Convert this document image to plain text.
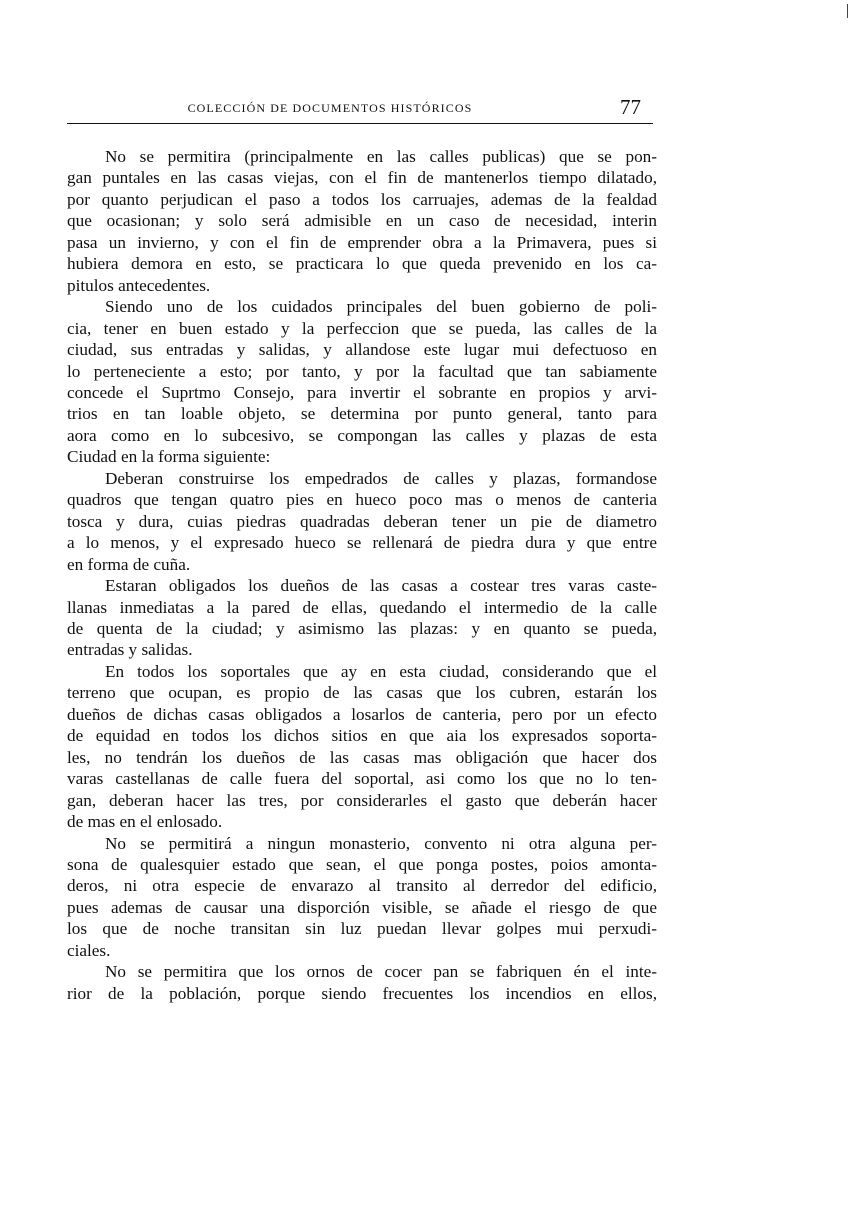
COLECCIÓN DE DOCUMENTOS HISTÓRICOS	77
No se permitira (principalmente en las calles publicas) que se pon-
gan puntales en las casas viejas, con el fin de mantenerlos tiempo dilatado,
por quanto perjudican el paso a todos los carruajes, ademas de la fealdad
que ocasionan; y solo será admisible en un caso de necesidad, interin
pasa un invierno, y con el fin de emprender obra a la Primavera, pues si
hubiera demora en esto, se practicara lo que queda prevenido en los ca-
pitulos antecedentes.
Siendo uno de los cuidados principales del buen gobierno de poli-
cia, tener en buen estado y la perfeccion que se pueda, las calles de la
ciudad, sus entradas y salidas, y allandose este lugar mui defectuoso en
lo perteneciente a esto; por tanto, y por la facultad que tan sabiamente
concede el Suprtmo Consejo, para invertir el sobrante en propios y arvi-
trios en tan loable objeto, se determina por punto general, tanto para
aora como en lo subcesivo, se compongan las calles y plazas de esta
Ciudad en la forma siguiente:
Deberan construirse los empedrados de calles y plazas, formandose
quadros que tengan quatro pies en hueco poco mas o menos de canteria
tosca y dura, cuias piedras quadradas deberan tener un pie de diametro
a lo menos, y el expresado hueco se rellenará de piedra dura y que entre
en forma de cuña.
Estaran obligados los dueños de las casas a costear tres varas caste-
llanas inmediatas a la pared de ellas, quedando el intermedio de la calle
de quenta de la ciudad; y asimismo las plazas: y en quanto se pueda,
entradas y salidas.
En todos los soportales que ay en esta ciudad, considerando que el
terreno que ocupan, es propio de las casas que los cubren, estarán los
dueños de dichas casas obligados a losarlos de canteria, pero por un efecto
de equidad en todos los dichos sitios en que aia los expresados soporta-
les, no tendrán los dueños de las casas mas obligación que hacer dos
varas castellanas de calle fuera del soportal, asi como los que no lo ten-
gan, deberan hacer las tres, por considerarles el gasto que deberán hacer
de mas en el enlosado.
No se permitirá a ningun monasterio, convento ni otra alguna per-
sona de qualesquier estado que sean, el que ponga postes, poios amonta-
deros, ni otra especie de envarazo al transito al derredor del edificio,
pues ademas de causar una disporción visible, se añade el riesgo de que
los que de noche transitan sin luz puedan llevar golpes mui perxudi-
ciales.
No se permitira que los ornos de cocer pan se fabriquen én el inte-
rior de la población, porque siendo frecuentes los incendios en ellos,
